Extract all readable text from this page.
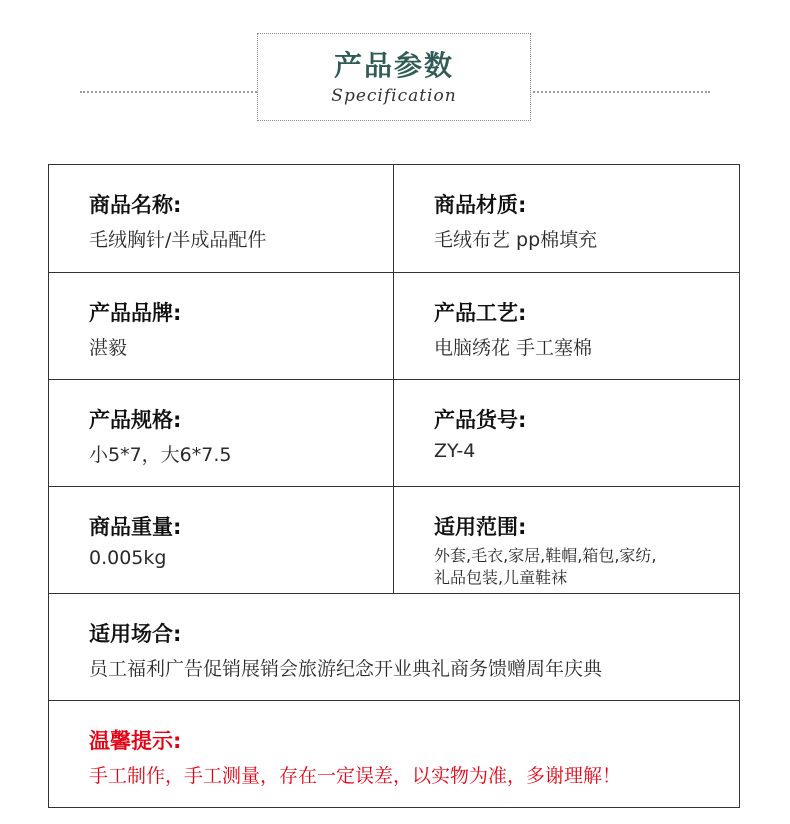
产品参数
Specification
商品名称:
毛绒胸针/半成品配件
商品材质:
毛绒布艺 pp棉填充
产品品牌:
湛毅
产品工艺:
电脑绣花 手工塞棉
产品规格:
小5*7，大6*7.5
产品货号:
ZY-4
商品重量:
0.005kg
适用范围:
外套,毛衣,家居,鞋帽,箱包,家纺,
礼品包装,儿童鞋袜
适用场合:
员工福利广告促销展销会旅游纪念开业典礼商务馈赠周年庆典
温馨提示:
手工制作，手工测量，存在一定误差，以实物为准，多谢理解！
